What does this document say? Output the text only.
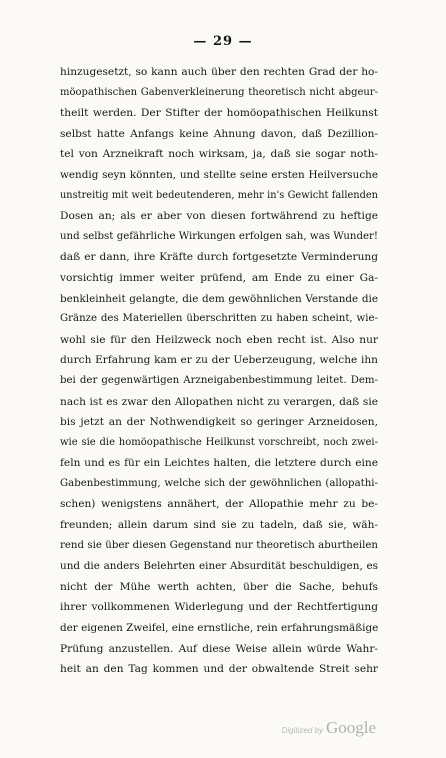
— 29 —
hinzugesetzt, so kann auch über den rechten Grad der ho-
möopathischen Gabenverkleinerung theoretisch nicht abgeur-
theilt werden. Der Stifter der homöopathischen Heilkunst
selbst hatte Anfangs keine Ahnung davon, daß Dezillion-
tel von Arzneikraft noch wirksam, ja, daß sie sogar noth-
wendig seyn könnten, und stellte seine ersten Heilversuche
unstreitig mit weit bedeutenderen, mehr in's Gewicht fallenden
Dosen an; als er aber von diesen fortwährend zu heftige
und selbst gefährliche Wirkungen erfolgen sah, was Wunder!
daß er dann, ihre Kräfte durch fortgesetzte Verminderung
vorsichtig immer weiter prüfend, am Ende zu einer Ga-
benkleinheit gelangte, die dem gewöhnlichen Verstande die
Gränze des Materiellen überschritten zu haben scheint, wie-
wohl sie für den Heilzweck noch eben recht ist. Also nur
durch Erfahrung kam er zu der Ueberzeugung, welche ihn
bei der gegenwärtigen Arzneigabenbestimmung leitet. Dem-
nach ist es zwar den Allopathen nicht zu verargen, daß sie
bis jetzt an der Nothwendigkeit so geringer Arzneidosen,
wie sie die homöopathische Heilkunst vorschreibt, noch zwei-
feln und es für ein Leichtes halten, die letztere durch eine
Gabenbestimmung, welche sich der gewöhnlichen (allopathi-
schen) wenigstens annähert, der Allopathie mehr zu be-
freunden; allein darum sind sie zu tadeln, daß sie, wäh-
rend sie über diesen Gegenstand nur theoretisch aburtheilen
und die anders Belehrten einer Absurdität beschuldigen, es
nicht der Mühe werth achten, über die Sache, behufs
ihrer vollkommenen Widerlegung und der Rechtfertigung
der eigenen Zweifel, eine ernstliche, rein erfahrungsmäßige
Prüfung anzustellen. Auf diese Weise allein würde Wahr-
heit an den Tag kommen und der obwaltende Streit sehr
Digitized by Google
